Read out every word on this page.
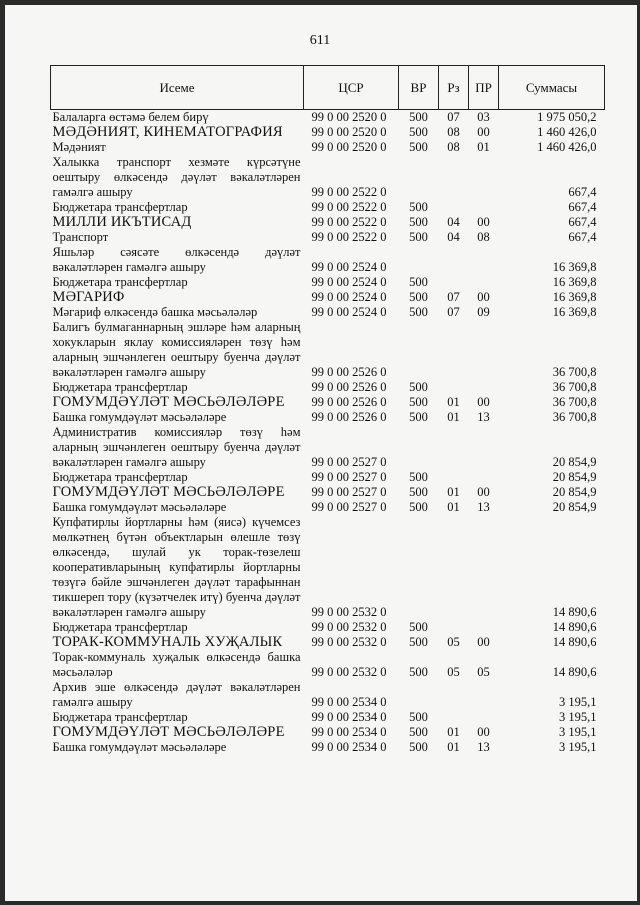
611
Исеме	ЦСР	ВР	Рз	ПР	Суммасы
Балаларга өстәмә белем бирү	99 0 00 2520 0	500	07	03	1 975 050,2
МӘДӘНИЯТ, КИНЕМАТОГРАФИЯ	99 0 00 2520 0	500	08	00	1 460 426,0
Мәдәният	99 0 00 2520 0	500	08	01	1 460 426,0
Халыкка транспорт хезмәте күрсәтүне оештыру өлкәсендә дәүләт вәкаләтләрен гамәлгә ашыру	99 0 00 2522 0				667,4
Бюджетара трансфертлар	99 0 00 2522 0	500			667,4
МИЛЛИ ИКЪТИСАД	99 0 00 2522 0	500	04	00	667,4
Транспорт	99 0 00 2522 0	500	04	08	667,4
Яшьләр сәясәте өлкәсендә дәүләт вәкаләтләрен гамәлгә ашыру	99 0 00 2524 0				16 369,8
Бюджетара трансфертлар	99 0 00 2524 0	500			16 369,8
МӘГАРИФ	99 0 00 2524 0	500	07	00	16 369,8
Мәгариф өлкәсендә башка мәсьәләләр	99 0 00 2524 0	500	07	09	16 369,8
Балигъ булмаганнарның эшләре һәм аларның хокукларын яклау комиссияләрен төзү һәм аларның эшчәнлеген оештыру буенча дәүләт вәкаләтләрен гамәлгә ашыру	99 0 00 2526 0				36 700,8
Бюджетара трансфертлар	99 0 00 2526 0	500			36 700,8
ГОМУМДӘҮЛӘТ МӘСЬӘЛӘЛӘРЕ	99 0 00 2526 0	500	01	00	36 700,8
Башка гомумдәүләт мәсьәләләре	99 0 00 2526 0	500	01	13	36 700,8
Административ комиссияләр төзү һәм аларның эшчәнлеген оештыру буенча дәүләт вәкаләтләрен гамәлгә ашыру	99 0 00 2527 0				20 854,9
Бюджетара трансфертлар	99 0 00 2527 0	500			20 854,9
ГОМУМДӘҮЛӘТ МӘСЬӘЛӘЛӘРЕ	99 0 00 2527 0	500	01	00	20 854,9
Башка гомумдәүләт мәсьәләләре	99 0 00 2527 0	500	01	13	20 854,9
Купфатирлы йортларны һәм (яисә) күчемсез мөлкәтнең бүтән объектларын өлешле төзү өлкәсендә, шулай ук торак-төзелеш кооперативларының купфатирлы йортларны төзүгә бәйле эшчәнлеген дәүләт тарафыннан тикшереп тору (күзәтчелек итү) буенча дәүләт вәкаләтләрен гамәлгә ашыру	99 0 00 2532 0				14 890,6
Бюджетара трансфертлар	99 0 00 2532 0	500			14 890,6
ТОРАК-КОММУНАЛЬ ХУҖАЛЫК	99 0 00 2532 0	500	05	00	14 890,6
Торак-коммуналь хуҗалык өлкәсендә башка мәсьәләләр	99 0 00 2532 0	500	05	05	14 890,6
Архив эше өлкәсендә дәүләт вәкаләтләрен гамәлгә ашыру	99 0 00 2534 0				3 195,1
Бюджетара трансфертлар	99 0 00 2534 0	500			3 195,1
ГОМУМДӘҮЛӘТ МӘСЬӘЛӘЛӘРЕ	99 0 00 2534 0	500	01	00	3 195,1
Башка гомумдәүләт мәсьәләләре	99 0 00 2534 0	500	01	13	3 195,1
